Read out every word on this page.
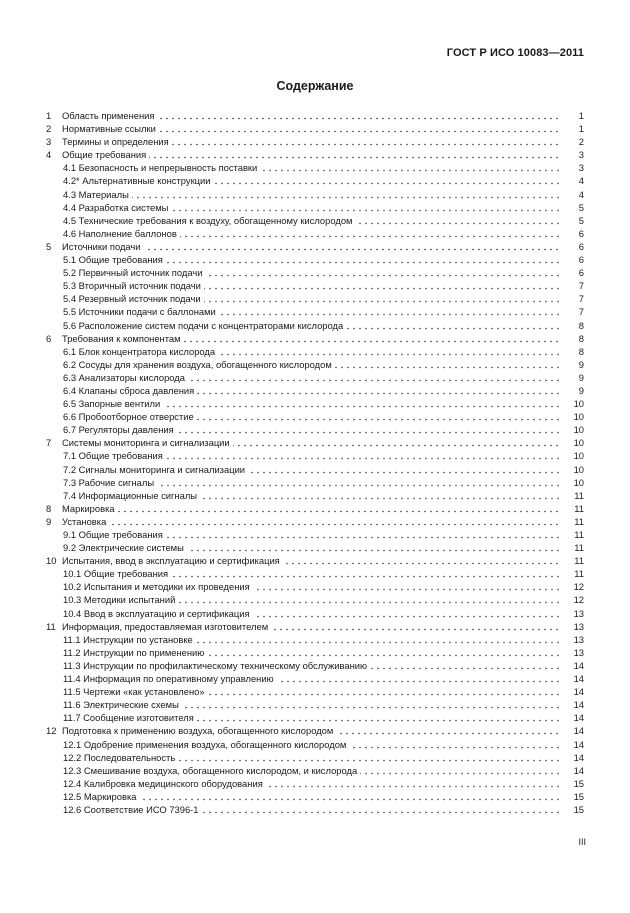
ГОСТ Р ИСО 10083—2011
Содержание
1	Область применения	1
2	Нормативные ссылки	1
3	Термины и определения	2
4	Общие требования	3
4.1 Безопасность и непрерывность поставки	3
4.2* Альтернативные конструкции	4
4.3 Материалы	4
4.4 Разработка системы	5
4.5 Технические требования к воздуху, обогащенному кислородом	5
4.6 Наполнение баллонов	6
5	Источники подачи	6
5.1 Общие требования	6
5.2 Первичный источник подачи	6
5.3 Вторичный источник подачи	7
5.4 Резервный источник подачи	7
5.5 Источники подачи с баллонами	7
5.6 Расположение систем подачи с концентраторами кислорода	8
6	Требования к компонентам	8
6.1 Блок концентратора кислорода	8
6.2 Сосуды для хранения воздуха, обогащенного кислородом	9
6.3 Анализаторы кислорода	9
6.4 Клапаны сброса давления	9
6.5 Запорные вентили	10
6.6 Пробоотборное отверстие	10
6.7 Регуляторы давления	10
7	Системы мониторинга и сигнализации	10
7.1 Общие требования	10
7.2 Сигналы мониторинга и сигнализации	10
7.3 Рабочие сигналы	10
7.4 Информационные сигналы	11
8	Маркировка	11
9	Установка	11
9.1 Общие требования	11
9.2 Электрические системы	11
10 Испытания, ввод в эксплуатацию и сертификация	11
10.1 Общие требования	11
10.2 Испытания и методики их проведения	12
10.3 Методики испытаний	12
10.4 Ввод в эксплуатацию и сертификация	13
11 Информация, предоставляемая изготовителем	13
11.1 Инструкции по установке	13
11.2 Инструкции по применению	13
11.3 Инструкции по профилактическому техническому обслуживанию	14
11.4 Информация по оперативному управлению	14
11.5 Чертежи «как установлено»	14
11.6 Электрические схемы	14
11.7 Сообщение изготовителя	14
12 Подготовка к применению воздуха, обогащенного кислородом	14
12.1 Одобрение применения воздуха, обогащенного кислородом	14
12.2 Последовательность	14
12.3 Смешивание воздуха, обогащенного кислородом, и кислорода	14
12.4 Калибровка медицинского оборудования	15
12.5 Маркировка	15
12.6 Соответствие ИСО 7396-1	15
III
